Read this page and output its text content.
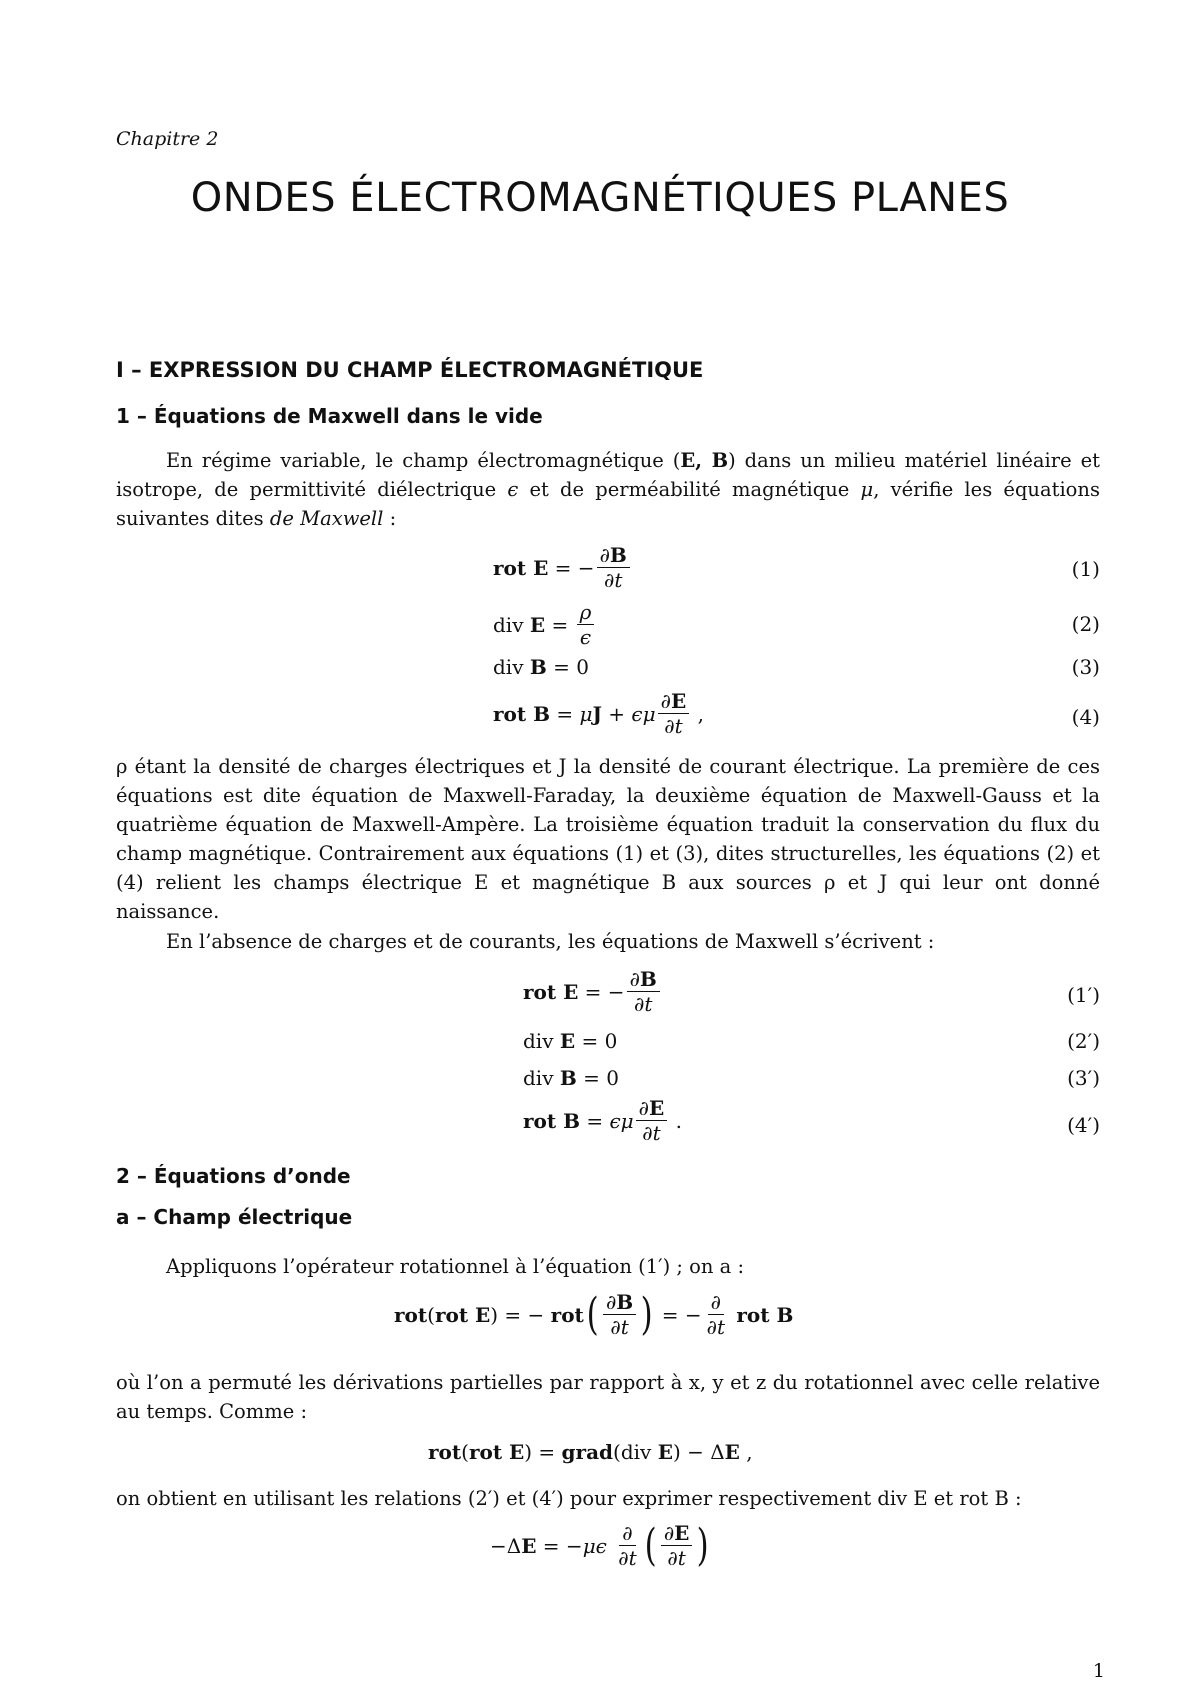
Chapitre 2

ONDES ÉLECTROMAGNÉTIQUES PLANES
I – EXPRESSION DU CHAMP ÉLECTROMAGNÉTIQUE
1 – Équations de Maxwell dans le vide

En régime variable, le champ électromagnétique (E, B) dans un milieu matériel linéaire et isotrope, de permittivité diélectrique ϵ et de perméabilité magnétique μ, vérifie les équations suivantes dites de Maxwell :

rot E = − $\frac{\partial B}{\partial t}$	(1)
div $E = \frac{\rho}{\epsilon}$	(2)
div B = 0	(3)
rot B = μ J + ϵμ $\frac{\partial E}{\partial t}$ ,	(4)

ρ étant la densité de charges électriques et J la densité de courant électrique. La première de ces équations est dite équation de Maxwell-Faraday, la deuxième équation de Maxwell-Gauss et la quatrième équation de Maxwell-Ampère. La troisième équation traduit la conservation du flux du champ magnétique. Contrairement aux équations (1) et (3), dites structurelles, les équations (2) et (4) relient les champs électrique E et magnétique B aux sources ρ et J qui leur ont donné naissance.

En l’absence de charges et de courants, les équations de Maxwell s’écrivent :

rot E = − $\frac{\partial B}{\partial t}$	(1′)
div E = 0	(2′)
div B = 0	(3′)
rot B = ϵμ $\frac{\partial E}{\partial t}$ .	(4′)
2 – Équations d’onde
a – Champ électrique

Appliquons l’opérateur rotationnel à l’équation (1′) ; on a :

rot ( rot E ) = − rot ( $\frac{\partial B}{\partial t}$ ) = − $\frac{\partial}{\partial t}$
rot B

où l’on a permuté les dérivations partielles par rapport à x, y et z du rotationnel avec celle relative au temps. Comme :

rot ( rot E ) = grad (div E ) − Δ E ,

on obtient en utilisant les relations (2′) et (4′) pour exprimer respectivement div E et rot B :

−Δ E = − μϵ
$\frac{\partial}{\partial t}$ ( $\frac{\partial E}{\partial t}$ )
1
